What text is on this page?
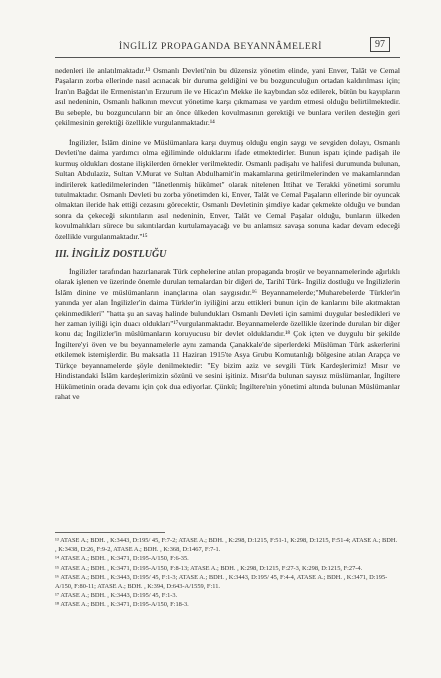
İNGİLİZ PROPAGANDA BEYANNÂMELERİ	97

nedenleri ile anlatılmaktadır.¹³ Osmanlı Devleti'nin bu düzensiz yönetim elinde, yani Enver, Talât ve Cemal Paşaların zorba ellerinde nasıl acınacak bir duruma geldiğini ve bu bozgunculuğun ortadan kaldırılması için; İran'ın Bağdat ile Ermenistan'ın Erzurum ile ve Hicaz'ın Mekke ile kaybından söz edilerek, bütün bu kayıpların asıl nedeninin, Osmanlı halkının mevcut yönetime karşı çıkmaması ve yardım etmesi olduğu belirtilmektedir. Bu sebeple, bu bozguncuların bir an önce ülkeden kovulmasının gerektiği ve bunlara verilen desteğin geri çekilmesinin gerektiği özellikle vurgulanmaktadır.¹⁴

İngilizler, İslâm dinine ve Müslümanlara karşı duymuş olduğu engin saygı ve sevgiden dolayı, Osmanlı Devleti'ne daima yardımcı olma eğiliminde olduklarını ifade etmektedirler. Bunun ispatı içinde padişah ile kurmuş oldukları dostane ilişkilerden örnekler verilmektedir. Osmanlı padişahı ve halifesi durumunda bulunan, Sultan Abdulaziz, Sultan V.Murat ve Sultan Abdulhamit'in makamlarına getirilmelerinden ve makamlarından indirilerek katledilmelerinden "lânetlenmiş hükümet" olarak nitelenen İttihat ve Terakki yönetimi sorumlu tutulmaktadır. Osmanlı Devleti bu zorba yönetimden ki, Enver, Talât ve Cemal Paşaların ellerinde bir oyuncak olmaktan ileride hak ettiği cezasını görecektir, Osmanlı Devletinin şimdiye kadar çekmekte olduğu ve bundan sonra da çekeceği sıkıntıların asıl nedeninin, Enver, Talât ve Cemal Paşalar olduğu, bunların ülkeden kovulmalıkları sürece bu sıkıntılardan kurtulamayacağı ve bu anlamsız savaşa sonuna kadar devam edeceği özellikle vurgulanmaktadır."¹⁵

III. İNGİLİZ DOSTLUĞU

İngilizler tarafından hazırlanarak Türk cephelerine atılan propaganda broşür ve beyannamelerinde ağırlıklı olarak işlenen ve üzerinde önemle durulan temalardan bir diğeri de, Tarihî Türk- İngiliz dostluğu ve İngilizlerin İslâm dinine ve müslümanların inançlarına olan saygısıdır.¹⁶ Beyannamelerde;"Muharebelerde Türkler'in yanında yer alan İngilizler'in daima Türkler'in iyiliğini arzu ettikleri bunun için de kanlarını bile akıtmaktan çekinmedikleri" "hatta şu an savaş halinde bulundukları Osmanlı Devleti için samimi duygular besledikleri ve her zaman iyiliği için duacı oldukları"¹⁷vurgulanmaktadır. Beyannamelerde özellikle üzerinde durulan bir diğer konu da; İngilizler'in müslümanların koruyucusu bir devlet olduklarıdır.¹⁸ Çok içten ve duygulu bir şekilde İngiltere'yi öven ve bu beyannamelerle aynı zamanda Çanakkale'de siperlerdeki Müslüman Türk askerlerini etkilemek istemişlerdir. Bu maksatla 11 Haziran 1915'te Asya Grubu Komutanlığı bölgesine atılan Arapça ve Türkçe beyannamelerde şöyle denilmektedir: "Ey bizim aziz ve sevgili Türk Kardeşlerimiz! Mısır ve Hindistandaki İslâm kardeşlerimizin sözünü ve sesini işitiniz. Mısır'da bulunan sayısız müslümanlar, İngiltere Hükümetinin orada devamı için çok dua ediyorlar. Çünkü; İngiltere'nin yönetimi altında bulunan Müslümanlar rahat ve

¹³ ATASE A.; BDH. , K:3443, D:195/ 45, F:7-2; ATASE A.; BDH. , K:298, D:1215, F:51-1, K:298, D:1215, F:51-4; ATASE A.; BDH. , K:3438, D:26, F:9-2, ATASE A.; BDH. , K:368, D:1467, F:7-1.
¹⁴ ATASE A.; BDH. , K:3471, D:195-A/150, F:6-35.
¹⁵ ATASE A.; BDH. , K:3471, D:195-A/150, F:8-13; ATASE A.; BDH. , K:298, D:1215, F:27-3, K:298, D:1215, F:27-4.
¹⁶ ATASE A.; BDH. , K:3443, D:195/ 45, F:1-3; ATASE A.; BDH. , K:3443, D:195/ 45, F:4-4, ATASE A.; BDH. , K:3471, D:195-A/150, F:80-11; ATASE A.; BDH. , K:394, D:643-A/1559, F:11.
¹⁷ ATASE A.; BDH. , K:3443, D:195/ 45, F:1-3.
¹⁸ ATASE A.; BDH. , K:3471, D:195-A/150, F:18-3.
